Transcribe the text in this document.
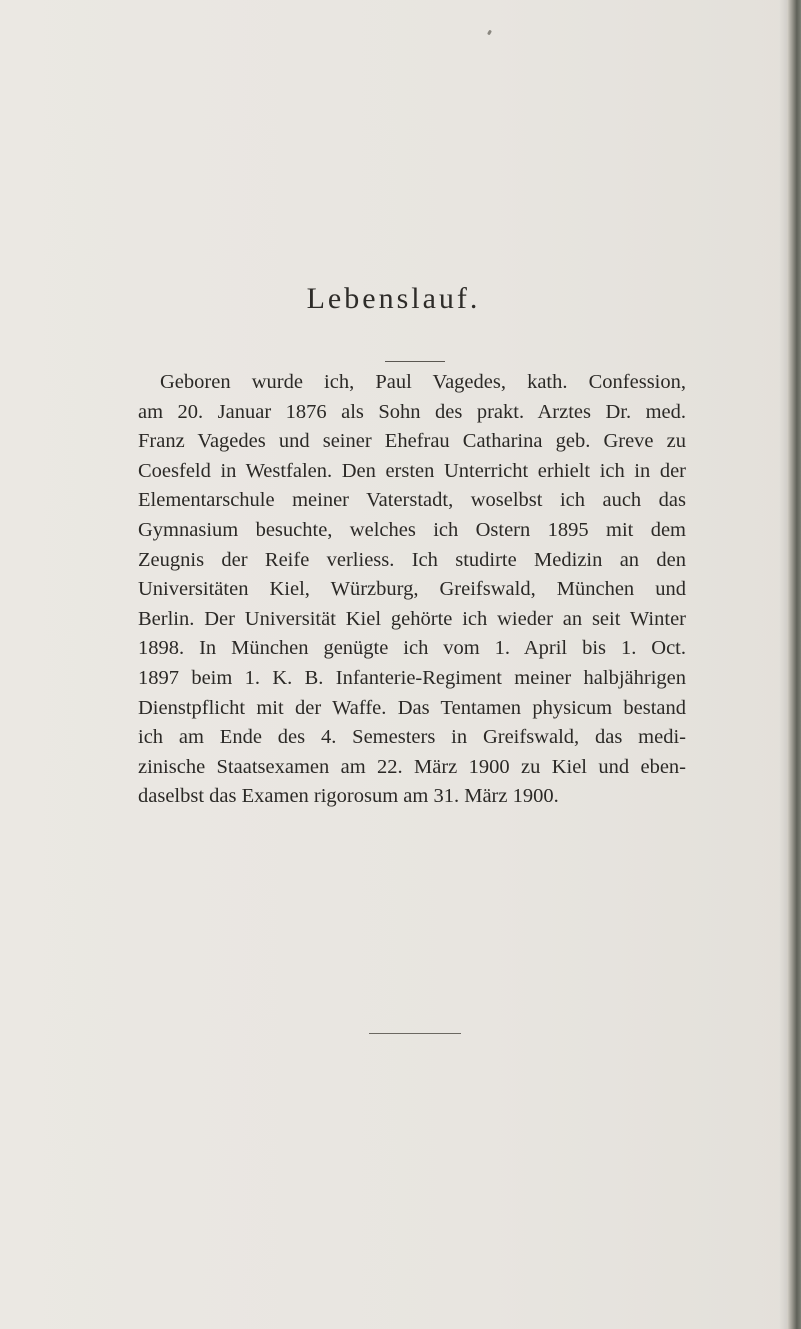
Lebenslauf.
Geboren wurde ich, Paul Vagedes, kath. Confession,
am 20. Januar 1876 als Sohn des prakt. Arztes Dr. med.
Franz Vagedes und seiner Ehefrau Catharina geb. Greve zu
Coesfeld in Westfalen. Den ersten Unterricht erhielt ich in der
Elementarschule meiner Vaterstadt, woselbst ich auch das
Gymnasium besuchte, welches ich Ostern 1895 mit dem
Zeugnis der Reife verliess. Ich studirte Medizin an den
Universitäten Kiel, Würzburg, Greifswald, München und
Berlin. Der Universität Kiel gehörte ich wieder an seit Winter
1898. In München genügte ich vom 1. April bis 1. Oct.
1897 beim 1. K. B. Infanterie-Regiment meiner halbjährigen
Dienstpflicht mit der Waffe. Das Tentamen physicum bestand
ich am Ende des 4. Semesters in Greifswald, das medi-
zinische Staatsexamen am 22. März 1900 zu Kiel und eben-
daselbst das Examen rigorosum am 31. März 1900.
